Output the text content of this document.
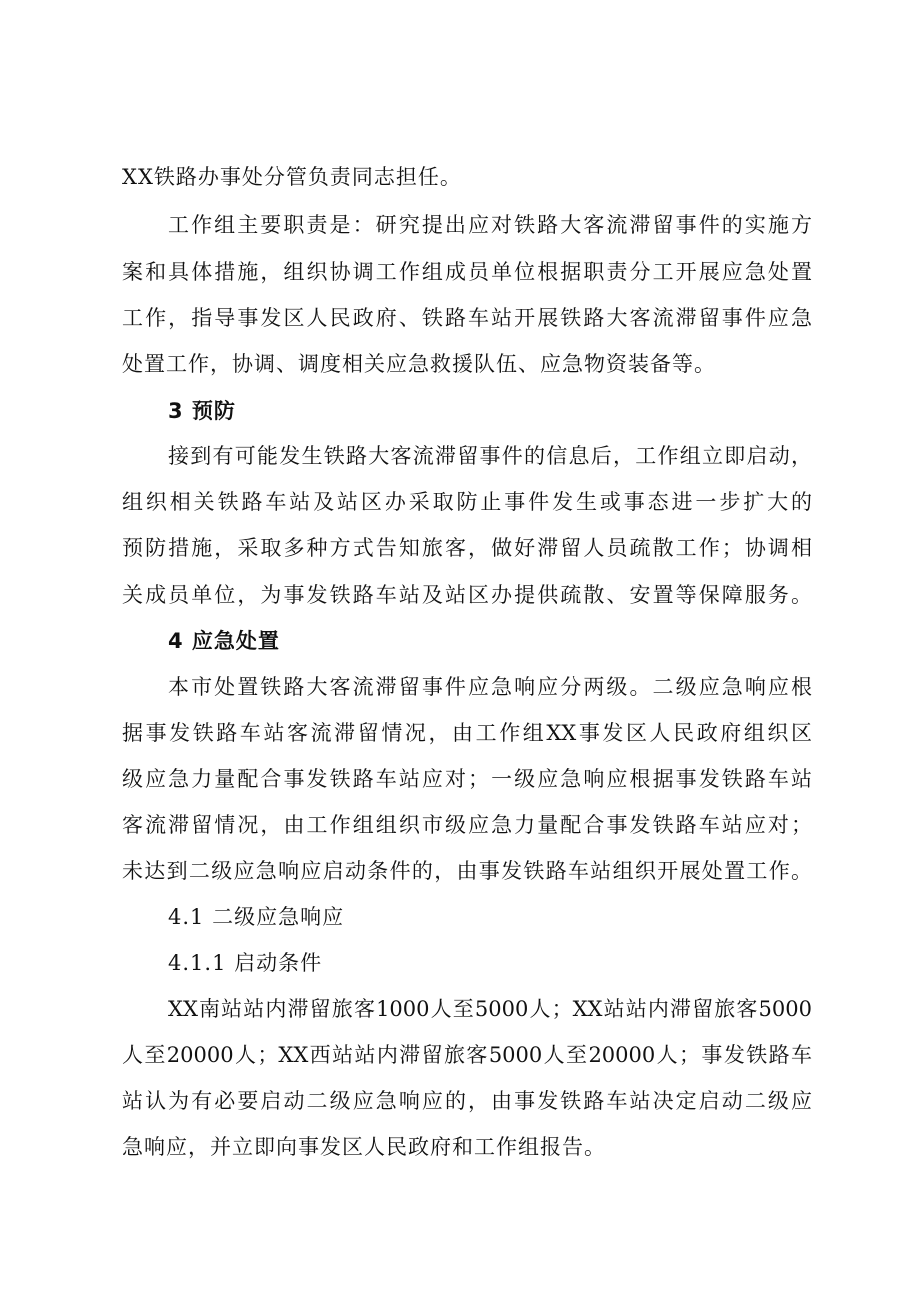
XX铁路办事处分管负责同志担任。
工作组主要职责是：研究提出应对铁路大客流滞留事件的实施方
案和具体措施，组织协调工作组成员单位根据职责分工开展应急处置
工作，指导事发区人民政府、铁路车站开展铁路大客流滞留事件应急
处置工作，协调、调度相关应急救援队伍、应急物资装备等。
3 预防
接到有可能发生铁路大客流滞留事件的信息后，工作组立即启动，
组织相关铁路车站及站区办采取防止事件发生或事态进一步扩大的
预防措施，采取多种方式告知旅客，做好滞留人员疏散工作；协调相
关成员单位，为事发铁路车站及站区办提供疏散、安置等保障服务。
4 应急处置
本市处置铁路大客流滞留事件应急响应分两级。二级应急响应根
据事发铁路车站客流滞留情况，由工作组XX事发区人民政府组织区
级应急力量配合事发铁路车站应对；一级应急响应根据事发铁路车站
客流滞留情况，由工作组组织市级应急力量配合事发铁路车站应对；
未达到二级应急响应启动条件的，由事发铁路车站组织开展处置工作。
4.1 二级应急响应
4.1.1 启动条件
XX南站站内滞留旅客1000人至5000人；XX站站内滞留旅客5000
人至20000人；XX西站站内滞留旅客5000人至20000人；事发铁路车
站认为有必要启动二级应急响应的，由事发铁路车站决定启动二级应
急响应，并立即向事发区人民政府和工作组报告。
